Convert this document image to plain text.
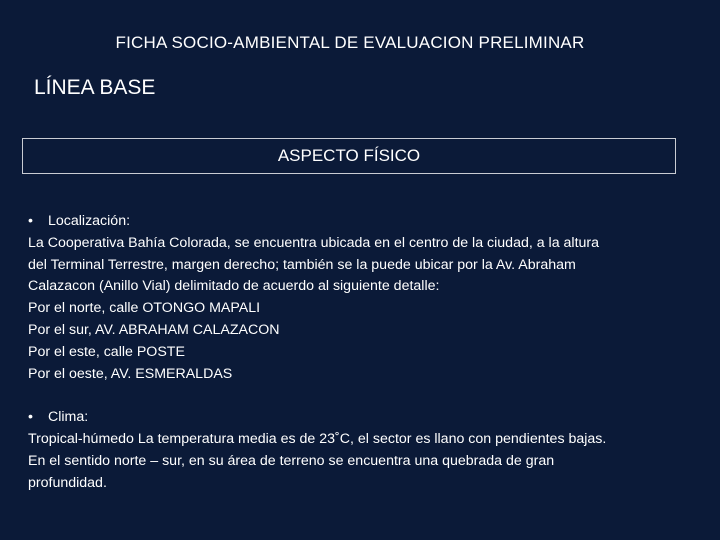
FICHA SOCIO-AMBIENTAL DE EVALUACION PRELIMINAR
LÍNEA BASE
ASPECTO FÍSICO
•	Localización:

La Cooperativa Bahía Colorada, se encuentra ubicada en el centro de la ciudad, a la altura

del Terminal Terrestre, margen derecho; también se la puede ubicar por la Av. Abraham

Calazacon (Anillo Vial) delimitado de acuerdo al siguiente detalle:

Por el norte, calle OTONGO MAPALI

Por el sur, AV. ABRAHAM CALAZACON

Por el este, calle POSTE

Por el oeste, AV. ESMERALDAS

•	Clima:

Tropical-húmedo La temperatura media es de 23˚C, el sector es llano con pendientes bajas.

En el sentido norte – sur, en su área de terreno se encuentra una quebrada de gran

profundidad.
